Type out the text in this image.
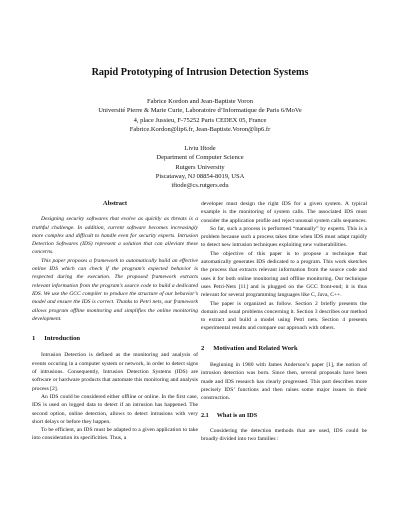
Rapid Prototyping of Intrusion Detection Systems
Fabrice Kordon and Jean-Baptiste Voron
Université Pierre & Marie Curie, Laboratoire d’Informatique de Paris 6/MoVe
4, place Jussieu, F-75252 Paris CEDEX 05, France
Fabrice.Kordon@lip6.fr, Jean-Baptiste.Voron@lip6.fr
Liviu Iftode
Department of Computer Science
Rutgers University
Piscataway, NJ 08854-8019, USA
iftode@cs.rutgers.edu
Abstract

Designing security softwares that evolve as quickly as threats is a truthful challenge. In addition, current software becomes increasingly more complex and difficult to handle even for security experts. Intrusion Detection Softwares (IDS) represent a solution that can alleviate these concerns.

This paper proposes a framework to automatically build an effective online IDS which can check if the program’s expected behavior is respected during the execution. The proposed framework extracts relevant information from the program’s source code to build a dedicated IDS. We use the GCC compiler to produce the structure of our behavior’s model and ensure the IDS is correct. Thanks to Petri nets, our framework allows program offline monitoring and simplifies the online monitoring development.

1 Introduction

Intrusion Detection is defined as the monitoring and analysis of events occuring in a computer system or network, in order to detect signs of intrusions. Consequently, Intrusion Detection Systems (IDS) are software or hardware products that automate this monitoring and analysis process [2].

An IDS could be considered either offline or online. In the first case, IDS is used on logged data to detect if an intrusion has happened. The second option, online detection, allows to detect intrusions with very short delays or before they happen.

To be efficient, an IDS must be adapted to a given application to take into consideration its specificities. Thus, a

developer must design the right IDS for a given system. A typical example is the monitoring of system calls. The associated IDS must consider the application profile and reject unusual system calls sequences.

So far, such a process is performed “manually” by experts. This is a problem because such a process takes time when IDS must adapt rapidly to detect new intrusion techniques exploiting new vulnerabilities.

The objective of this paper is to propose a technique that automatically generates IDS dedicated to a program. This work sketches the process that extracts relevant information from the source code and uses it for both online monitoring and offline monitoring. Our technique uses Petri-Nets [11] and is plugged on the GCC front-end; it is thus relevant for several programming languages like C, Java, C++.

The paper is organized as follow. Section 2 briefly presents the domain and usual problems concerning it. Section 3 describes our method to extract and build a model using Petri nets. Section 4 presents experimental results and compare our approach with others.

2 Motivation and Related Work

Beginning in 1980 with James Anderson’s paper [1], the notion of intrusion detection was born. Since then, several proposals have been made and IDS research has clearly progressed. This part describes more precisely IDS’ functions and then raises some major issues in their construction.

2.1 What is an IDS

Considering the detection methods that are used, IDS could be broadly divided into two families :
